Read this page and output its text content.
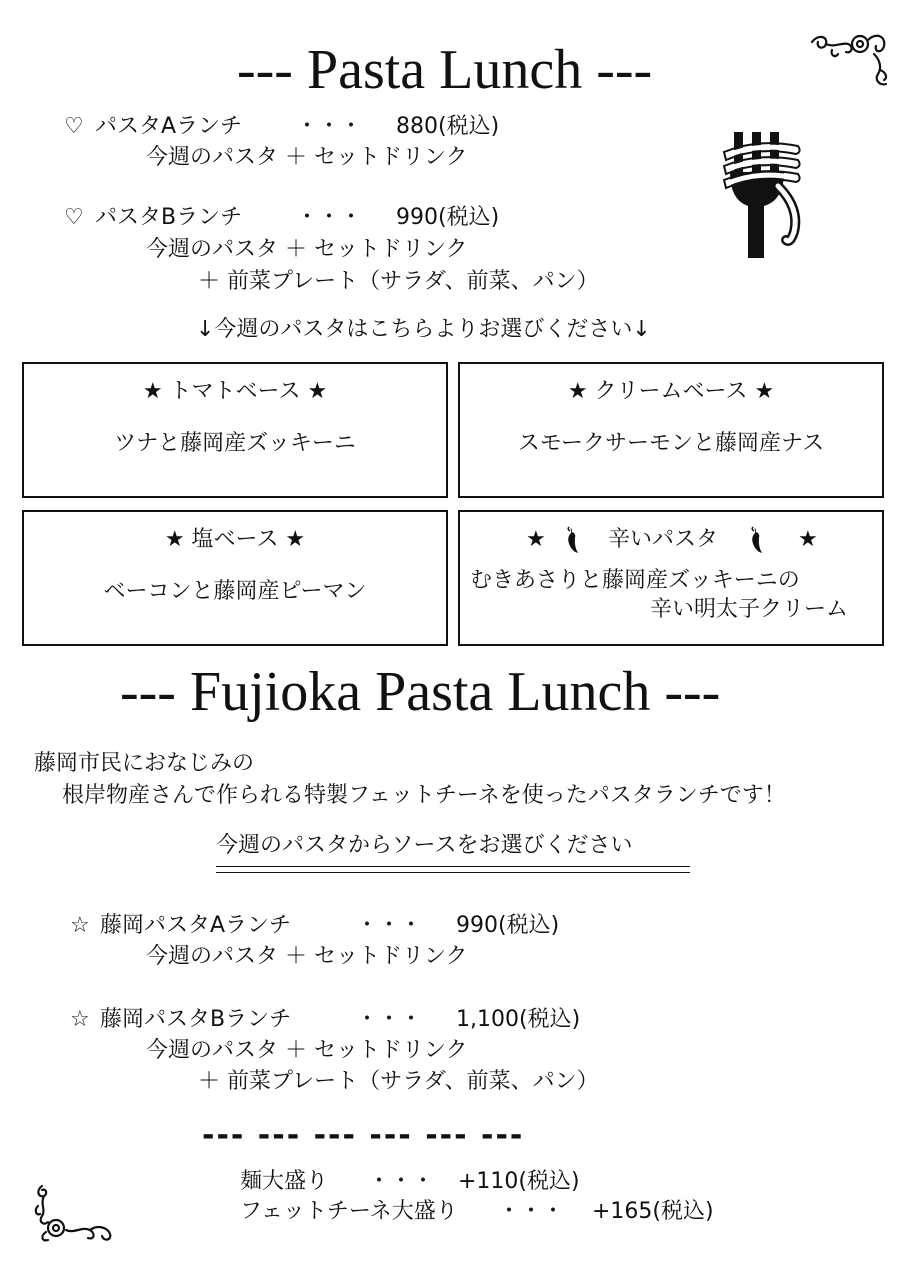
--- Pasta Lunch ---
♡ パスタAランチ ・・・ 880(税込)
今週のパスタ ＋ セットドリンク
♡ パスタBランチ ・・・ 990(税込)
今週のパスタ ＋ セットドリンク
＋ 前菜プレート（サラダ、前菜、パン）
↓今週のパスタはこちらよりお選びください↓
★ トマトベース ★
ツナと藤岡産ズッキーニ
★ クリームベース ★
スモークサーモンと藤岡産ナス
★ 塩ベース ★
ベーコンと藤岡産ピーマン
★	辛いパスタ	★
むきあさりと藤岡産ズッキーニの
辛い明太子クリーム
--- Fujioka Pasta Lunch ---
藤岡市民におなじみの
根岸物産さんで作られる特製フェットチーネを使ったパスタランチです！
今週のパスタからソースをお選びください
☆ 藤岡パスタAランチ	・・・ 990(税込)
今週のパスタ ＋ セットドリンク
☆ 藤岡パスタBランチ	・・・ 1,100(税込)
今週のパスタ ＋ セットドリンク
＋ 前菜プレート（サラダ、前菜、パン）
--- --- --- --- --- ---
麺大盛り ・・・ +110(税込)
フェットチーネ大盛り ・・・ +165(税込)
